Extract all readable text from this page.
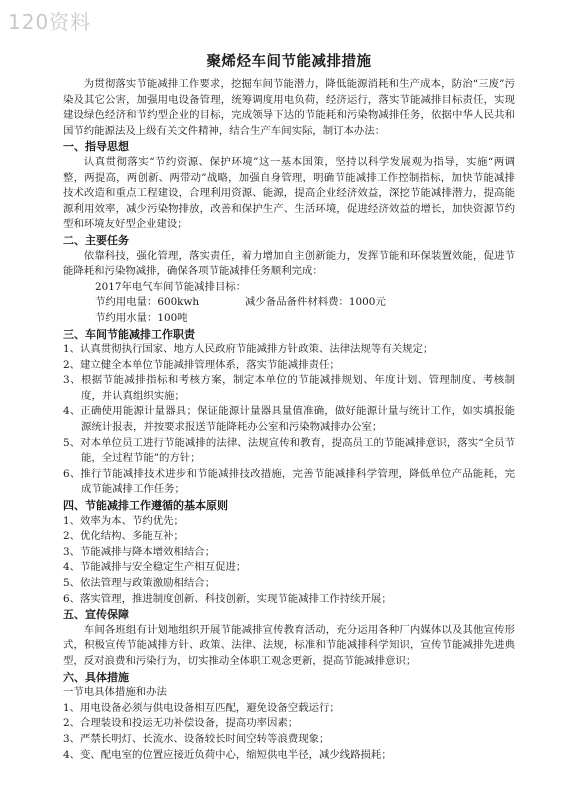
120资料
聚烯烃车间节能减排措施

为贯彻落实节能减排工作要求，挖掘车间节能潜力，降低能源消耗和生产成本，防治“三废”污染及其它公害，加强用电设备管理，统筹调度用电负荷，经济运行，落实节能减排目标责任，实现建设绿色经济和节约型企业的目标，完成领导下达的节能耗和污染物减排任务，依据中华人民共和国节约能源法及上级有关文件精神，结合生产车间实际，制订本办法：

一、指导思想

认真贯彻落实“节约资源、保护环境”这一基本国策，坚持以科学发展观为指导，实施“两调整，两提高，两创新、两带动”战略，加强自身管理，明确节能减排工作控制指标，加快节能减排技术改造和重点工程建设，合理利用资源、能源，提高企业经济效益，深挖节能减排潜力，提高能源利用效率，减少污染物排放，改善和保护生产、生活环境，促进经济效益的增长，加快资源节约型和环境友好型企业建设；

二、主要任务

依靠科技，强化管理，落实责任，着力增加自主创新能力，发挥节能和环保装置效能，促进节能降耗和污染物减排，确保各项节能减排任务顺利完成：

2017年电气车间节能减排目标：

节约用电量：600kwh	减少备品备件材料费：1000元

节约用水量：100吨

三、车间节能减排工作职责

1、认真贯彻执行国家、地方人民政府节能减排方针政策、法律法规等有关规定；

2、建立健全本单位节能减排管理体系，落实节能减排责任；

3、根据节能减排指标和考核方案，制定本单位的节能减排规划、年度计划、管理制度、考核制度，并认真组织实施；

4、正确使用能源计量器具；保证能源计量器具量值准确，做好能源计量与统计工作，如实填报能源统计报表，并按要求报送节能降耗办公室和污染物减排办公室；

5、对本单位员工进行节能减排的法律、法规宣传和教育，提高员工的节能减排意识，落实“全员节能，全过程节能”的方针；

6、推行节能减排技术进步和节能减排技改措施，完善节能减排科学管理，降低单位产品能耗，完成节能减排工作任务；

四、节能减排工作遵循的基本原则

1、效率为本、节约优先；

2、优化结构、多能互补；

3、节能减排与降本增效相结合；

4、节能减排与安全稳定生产相互促进；

5、依法管理与政策激励相结合；

6、落实管理，推进制度创新、科技创新，实现节能减排工作持续开展；

五、宣传保障

车间各班组有计划地组织开展节能减排宣传教育活动，充分运用各种厂内媒体以及其他宣传形式，积极宣传节能减排方针、政策、法律、法规，标准和节能减排科学知识，宣传节能减排先进典型，反对浪费和污染行为，切实推动全体职工观念更新，提高节能减排意识；

六、具体措施

一节电具体措施和办法

1、用电设备必须与供电设备相互匹配，避免设备空载运行；

2、合理装设和投运无功补偿设备，提高功率因素；

3、严禁长明灯、长流水、设备较长时间空转等浪费现象；

4、变、配电室的位置应接近负荷中心，缩短供电半径，减少线路损耗；
